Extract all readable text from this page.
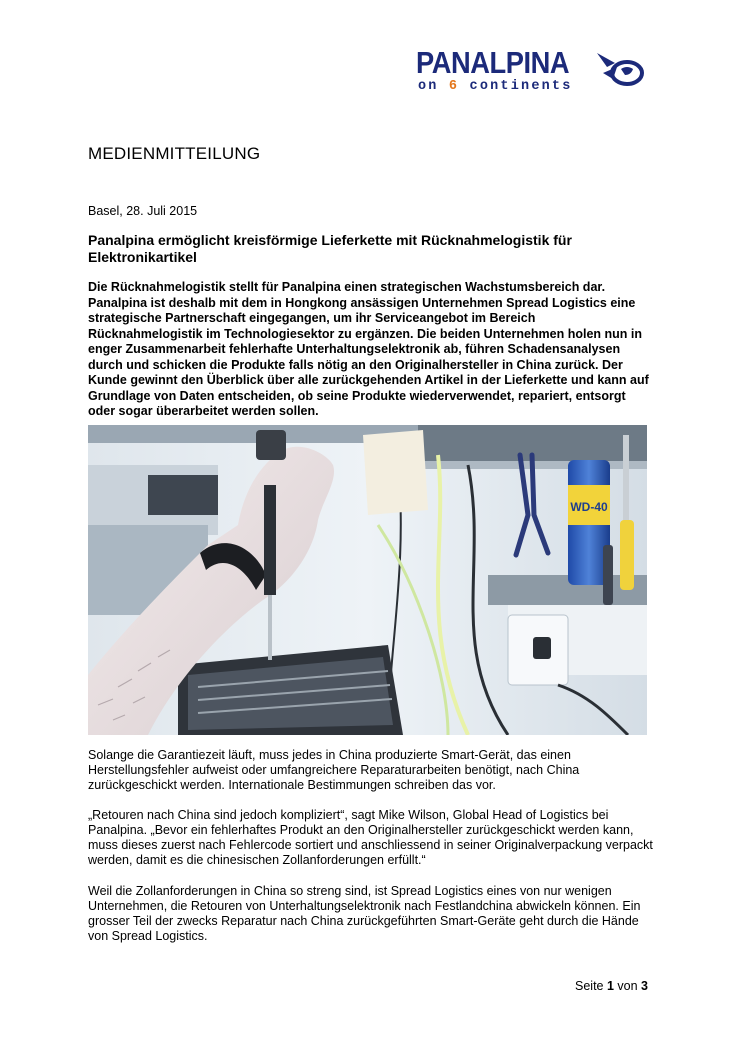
PANALPINA
on 6 continents
MEDIENMITTEILUNG
Basel, 28. Juli 2015
Panalpina ermöglicht kreisförmige Lieferkette mit Rücknahmelogistik für Elektronikartikel
Die Rücknahmelogistik stellt für Panalpina einen strategischen Wachstumsbereich dar. Panalpina ist deshalb mit dem in Hongkong ansässigen Unternehmen Spread Logistics eine strategische Partnerschaft eingegangen, um ihr Serviceangebot im Bereich Rücknahmelogistik im Technologiesektor zu ergänzen. Die beiden Unternehmen holen nun in enger Zusammenarbeit fehlerhafte Unterhaltungselektronik ab, führen Schadensanalysen durch und schicken die Produkte falls nötig an den Originalhersteller in China zurück. Der Kunde gewinnt den Überblick über alle zurückgehenden Artikel in der Lieferkette und kann auf Grundlage von Daten entscheiden, ob seine Produkte wiederverwendet, repariert, entsorgt oder sogar überarbeitet werden sollen.
WD-40
Solange die Garantiezeit läuft, muss jedes in China produzierte Smart-Gerät, das einen Herstellungsfehler aufweist oder umfangreichere Reparaturarbeiten benötigt, nach China zurückgeschickt werden. Internationale Bestimmungen schreiben das vor.
„Retouren nach China sind jedoch kompliziert“, sagt Mike Wilson, Global Head of Logistics bei Panalpina. „Bevor ein fehlerhaftes Produkt an den Originalhersteller zurückgeschickt werden kann, muss dieses zuerst nach Fehlercode sortiert und anschliessend in seiner Originalverpackung verpackt werden, damit es die chinesischen Zollanforderungen erfüllt.“
Weil die Zollanforderungen in China so streng sind, ist Spread Logistics eines von nur wenigen Unternehmen, die Retouren von Unterhaltungselektronik nach Festlandchina abwickeln können. Ein grosser Teil der zwecks Reparatur nach China zurückgeführten Smart-Geräte geht durch die Hände von Spread Logistics.
Seite 1 von 3
